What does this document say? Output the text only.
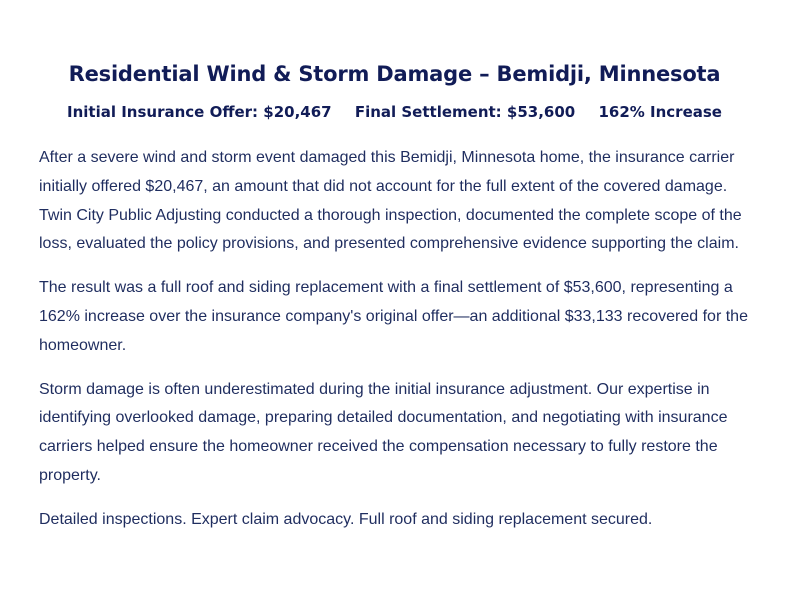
Residential Wind & Storm Damage – Bemidji, Minnesota
Initial Insurance Offer: $20,467 Final Settlement: $53,600 162% Increase

After a severe wind and storm event damaged this Bemidji, Minnesota home, the insurance carrier initially offered $20,467, an amount that did not account for the full extent of the covered damage. Twin City Public Adjusting conducted a thorough inspection, documented the complete scope of the loss, evaluated the policy provisions, and presented comprehensive evidence supporting the claim.

The result was a full roof and siding replacement with a final settlement of $53,600, representing a 162% increase over the insurance company's original offer—an additional $33,133 recovered for the homeowner.

Storm damage is often underestimated during the initial insurance adjustment. Our expertise in identifying overlooked damage, preparing detailed documentation, and negotiating with insurance carriers helped ensure the homeowner received the compensation necessary to fully restore the property.

Detailed inspections. Expert claim advocacy. Full roof and siding replacement secured.
